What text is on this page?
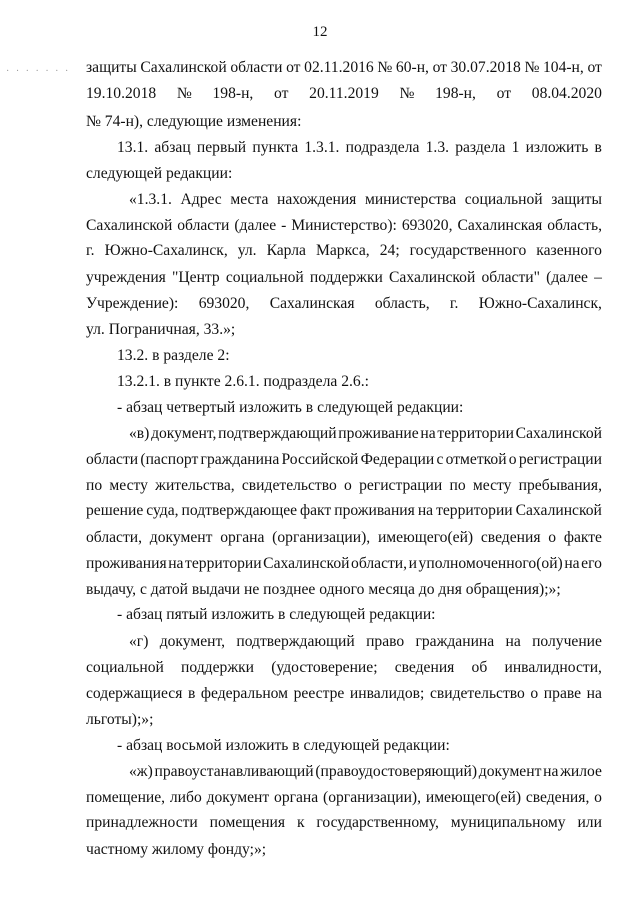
12
· · · · · · · защиты Сахалинской области от 02.11.2016 № 60-н, от 30.07.2018 № 104-н, от
19.10.2018 № 198-н, от 20.11.2019 № 198-н, от 08.04.2020
№ 74-н), следующие изменения:
13.1. абзац первый пункта 1.3.1. подраздела 1.3. раздела 1 изложить в
следующей редакции:
«1.3.1. Адрес места нахождения министерства социальной защиты
Сахалинской области (далее - Министерство): 693020, Сахалинская область,
г. Южно-Сахалинск, ул. Карла Маркса, 24; государственного казенного
учреждения "Центр социальной поддержки Сахалинской области" (далее –
Учреждение): 693020, Сахалинская область, г. Южно-Сахалинск,
ул. Пограничная, 33.»;
13.2. в разделе 2:
13.2.1. в пункте 2.6.1. подраздела 2.6.:
- абзац четвертый изложить в следующей редакции:
«в) документ, подтверждающий проживание на территории Сахалинской
области (паспорт гражданина Российской Федерации с отметкой о регистрации
по месту жительства, свидетельство о регистрации по месту пребывания,
решение суда, подтверждающее факт проживания на территории Сахалинской
области, документ органа (организации), имеющего(ей) сведения о факте
проживания на территории Сахалинской области, и уполномоченного(ой) на его
выдачу, с датой выдачи не позднее одного месяца до дня обращения);»;
- абзац пятый изложить в следующей редакции:
«г) документ, подтверждающий право гражданина на получение
социальной поддержки (удостоверение; сведения об инвалидности,
содержащиеся в федеральном реестре инвалидов; свидетельство о праве на
льготы);»;
- абзац восьмой изложить в следующей редакции:
«ж) правоустанавливающий (правоудостоверяющий) документ на жилое
помещение, либо документ органа (организации), имеющего(ей) сведения, о
принадлежности помещения к государственному, муниципальному или
частному жилому фонду;»;
